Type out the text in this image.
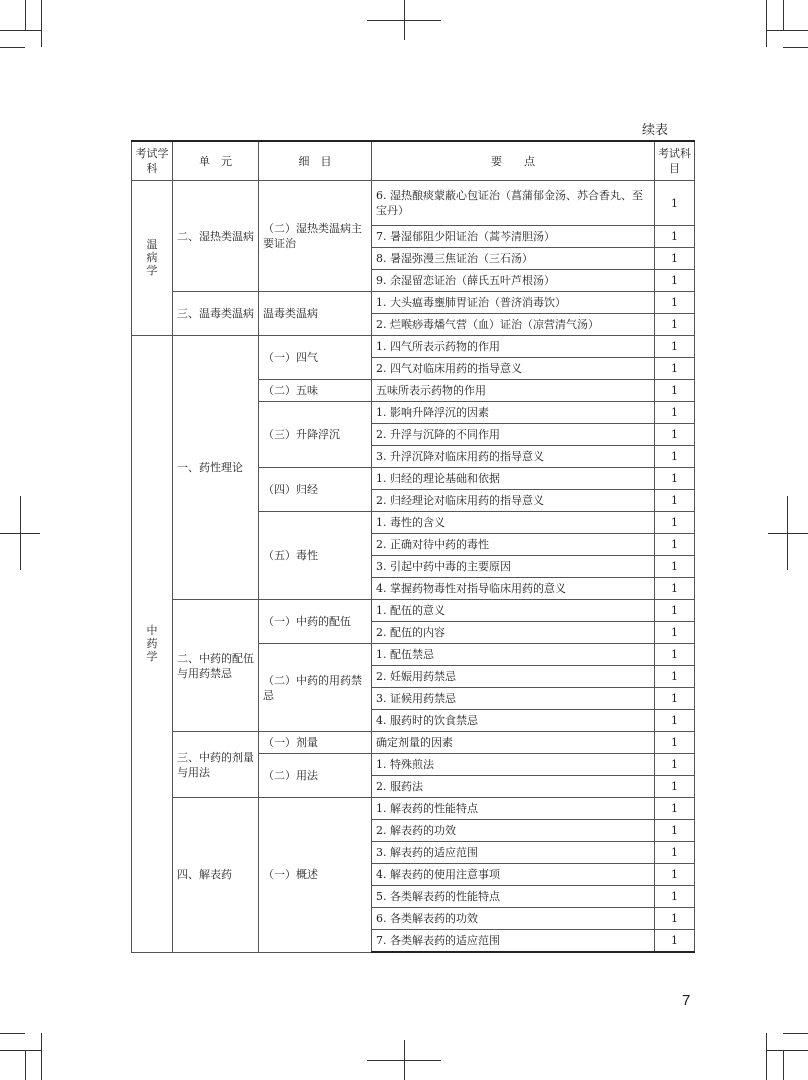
续表
考试学科	单　元	细　目	要　　点	考试科目
温病学	二、湿热类温病	（二）湿热类温病主要证治	6. 湿热酿痰蒙蔽心包证治（菖蒲郁金汤、苏合香丸、至宝丹）	1
			7. 暑湿郁阻少阳证治（蒿芩清胆汤）	1
			8. 暑湿弥漫三焦证治（三石汤）	1
			9. 余湿留恋证治（薛氏五叶芦根汤）	1
	三、温毒类温病	温毒类温病	1. 大头瘟毒壅肺胃证治（普济消毒饮）	1
			2. 烂喉痧毒燔气营（血）证治（凉营清气汤）	1
中药学	一、药性理论	（一）四气	1. 四气所表示药物的作用	1
			2. 四气对临床用药的指导意义	1
		（二）五味	五味所表示药物的作用	1
		（三）升降浮沉	1. 影响升降浮沉的因素	1
			2. 升浮与沉降的不同作用	1
			3. 升浮沉降对临床用药的指导意义	1
		（四）归经	1. 归经的理论基础和依据	1
			2. 归经理论对临床用药的指导意义	1
		（五）毒性	1. 毒性的含义	1
			2. 正确对待中药的毒性	1
			3. 引起中药中毒的主要原因	1
			4. 掌握药物毒性对指导临床用药的意义	1
	二、中药的配伍与用药禁忌	（一）中药的配伍	1. 配伍的意义	1
			2. 配伍的内容	1
		（二）中药的用药禁忌	1. 配伍禁忌	1
			2. 妊娠用药禁忌	1
			3. 证候用药禁忌	1
			4. 服药时的饮食禁忌	1
	三、中药的剂量与用法	（一）剂量	确定剂量的因素	1
		（二）用法	1. 特殊煎法	1
			2. 服药法	1
	四、解表药	（一）概述	1. 解表药的性能特点	1
			2. 解表药的功效	1
			3. 解表药的适应范围	1
			4. 解表药的使用注意事项	1
			5. 各类解表药的性能特点	1
			6. 各类解表药的功效	1
			7. 各类解表药的适应范围	1
7
